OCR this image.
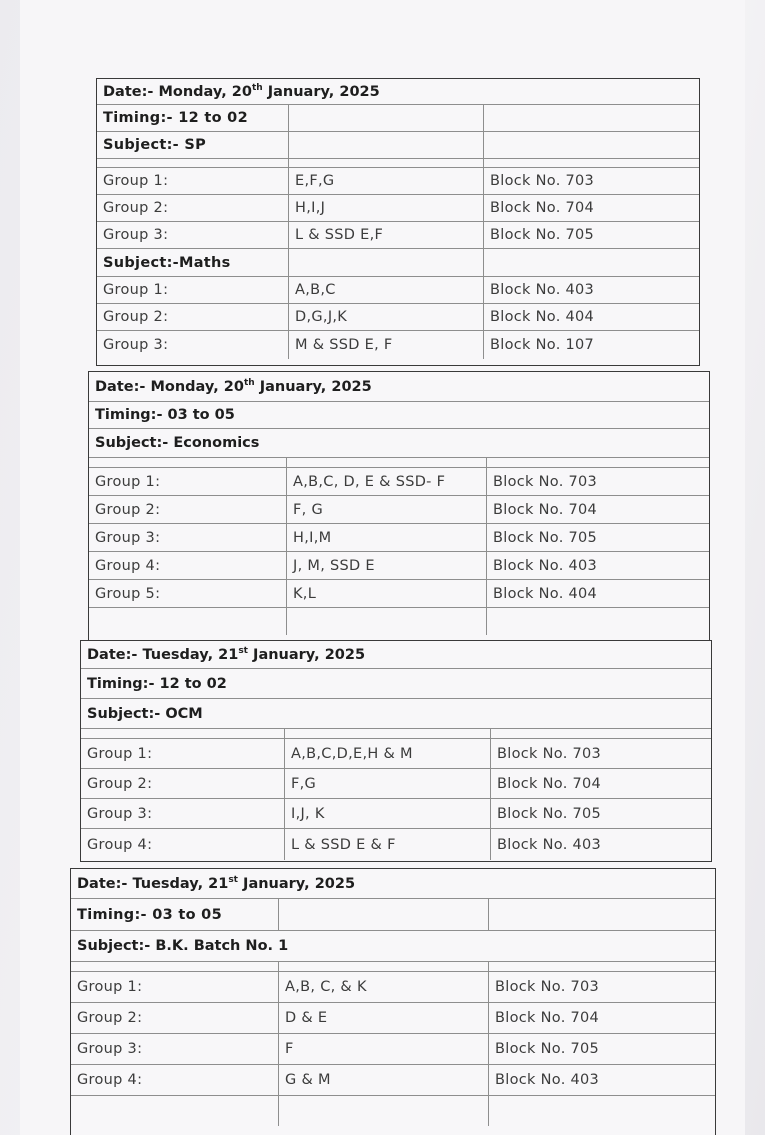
Date:- Monday, 20th January, 2025
Timing:- 12 to 02
Subject:- SP
Group 1:	E,F,G	Block No. 703
Group 2:	H,I,J	Block No. 704
Group 3:	L & SSD E,F	Block No. 705
Subject:-Maths
Group 1:	A,B,C	Block No. 403
Group 2:	D,G,J,K	Block No. 404
Group 3:	M & SSD E, F	Block No. 107
Date:- Monday, 20th January, 2025
Timing:- 03 to 05
Subject:- Economics
Group 1:	A,B,C, D, E & SSD- F	Block No. 703
Group 2:	F, G	Block No. 704
Group 3:	H,I,M	Block No. 705
Group 4:	J, M, SSD E	Block No. 403
Group 5:	K,L	Block No. 404
Date:- Tuesday, 21st January, 2025
Timing:- 12 to 02
Subject:- OCM
Group 1:	A,B,C,D,E,H & M	Block No. 703
Group 2:	F,G	Block No. 704
Group 3:	I,J, K	Block No. 705
Group 4:	L & SSD E & F	Block No. 403
Date:- Tuesday, 21st January, 2025
Timing:- 03 to 05
Subject:- B.K. Batch No. 1
Group 1:	A,B, C, & K	Block No. 703
Group 2:	D & E	Block No. 704
Group 3:	F	Block No. 705
Group 4:	G & M	Block No. 403
